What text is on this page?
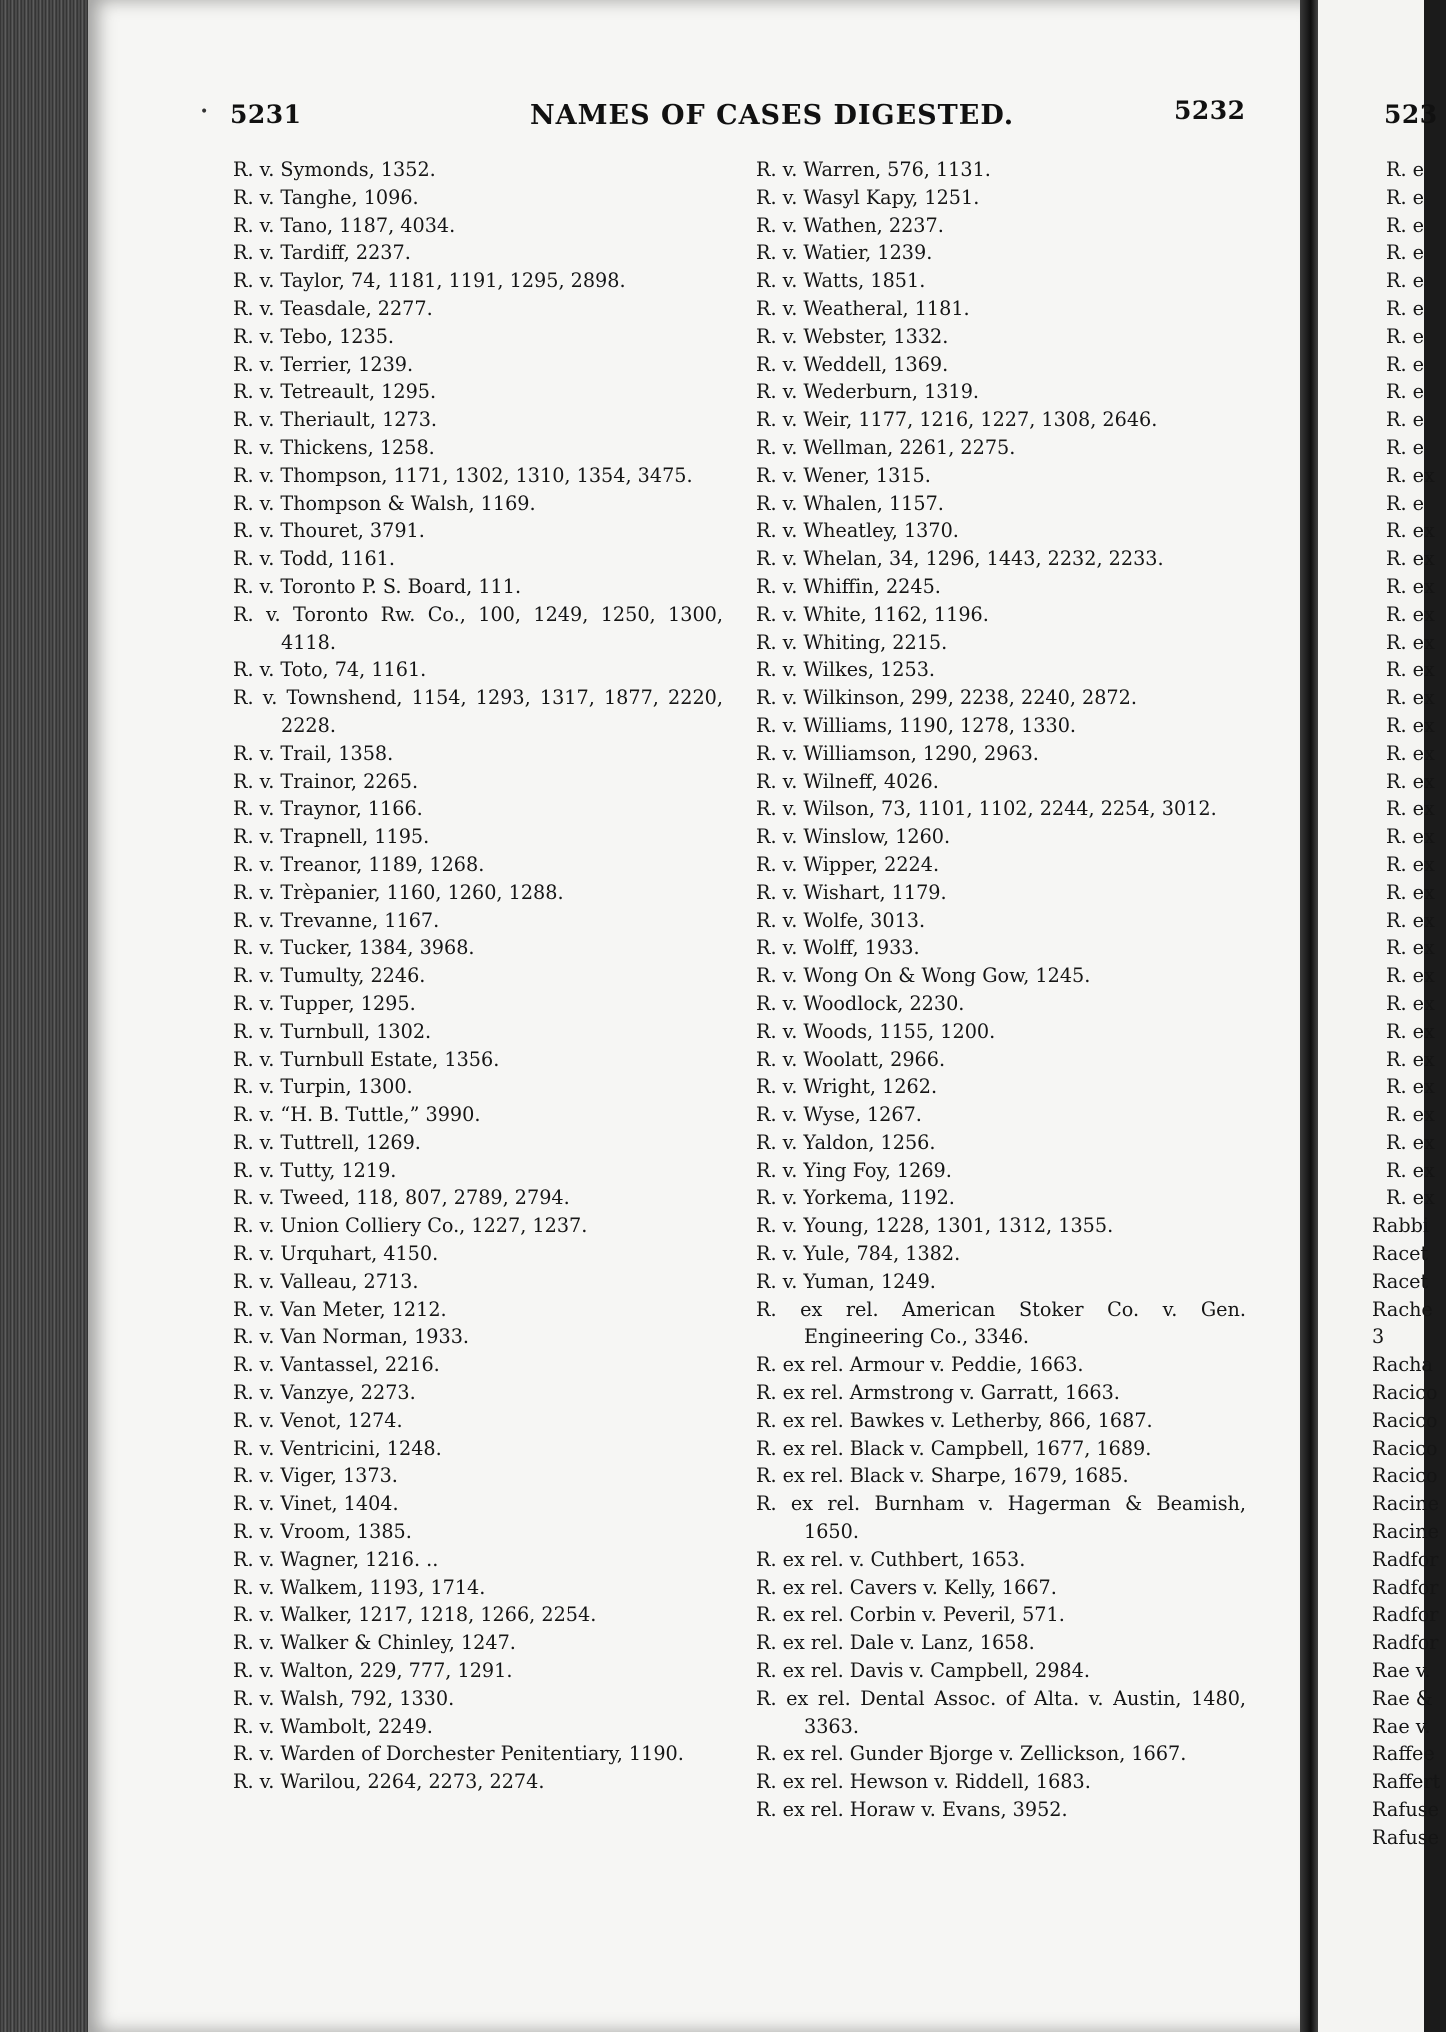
• 5231	NAMES OF CASES DIGESTED.	5232	523
R. v. Symonds, 1352.
R. v. Tanghe, 1096.
R. v. Tano, 1187, 4034.
R. v. Tardiff, 2237.
R. v. Taylor, 74, 1181, 1191, 1295, 2898.
R. v. Teasdale, 2277.
R. v. Tebo, 1235.
R. v. Terrier, 1239.
R. v. Tetreault, 1295.
R. v. Theriault, 1273.
R. v. Thickens, 1258.
R. v. Thompson, 1171, 1302, 1310, 1354, 3475.
R. v. Thompson & Walsh, 1169.
R. v. Thouret, 3791.
R. v. Todd, 1161.
R. v. Toronto P. S. Board, 111.
R. v. Toronto Rw. Co., 100, 1249, 1250, 1300, 4118.
R. v. Toto, 74, 1161.
R. v. Townshend, 1154, 1293, 1317, 1877, 2220, 2228.
R. v. Trail, 1358.
R. v. Trainor, 2265.
R. v. Traynor, 1166.
R. v. Trapnell, 1195.
R. v. Treanor, 1189, 1268.
R. v. Trèpanier, 1160, 1260, 1288.
R. v. Trevanne, 1167.
R. v. Tucker, 1384, 3968.
R. v. Tumulty, 2246.
R. v. Tupper, 1295.
R. v. Turnbull, 1302.
R. v. Turnbull Estate, 1356.
R. v. Turpin, 1300.
R. v. “H. B. Tuttle,” 3990.
R. v. Tuttrell, 1269.
R. v. Tutty, 1219.
R. v. Tweed, 118, 807, 2789, 2794.
R. v. Union Colliery Co., 1227, 1237.
R. v. Urquhart, 4150.
R. v. Valleau, 2713.
R. v. Van Meter, 1212.
R. v. Van Norman, 1933.
R. v. Vantassel, 2216.
R. v. Vanzye, 2273.
R. v. Venot, 1274.
R. v. Ventricini, 1248.
R. v. Viger, 1373.
R. v. Vinet, 1404.
R. v. Vroom, 1385.
R. v. Wagner, 1216. ..
R. v. Walkem, 1193, 1714.
R. v. Walker, 1217, 1218, 1266, 2254.
R. v. Walker & Chinley, 1247.
R. v. Walton, 229, 777, 1291.
R. v. Walsh, 792, 1330.
R. v. Wambolt, 2249.
R. v. Warden of Dorchester Penitentiary, 1190.
R. v. Warilou, 2264, 2273, 2274.
R. v. Warren, 576, 1131.
R. v. Wasyl Kapy, 1251.
R. v. Wathen, 2237.
R. v. Watier, 1239.
R. v. Watts, 1851.
R. v. Weatheral, 1181.
R. v. Webster, 1332.
R. v. Weddell, 1369.
R. v. Wederburn, 1319.
R. v. Weir, 1177, 1216, 1227, 1308, 2646.
R. v. Wellman, 2261, 2275.
R. v. Wener, 1315.
R. v. Whalen, 1157.
R. v. Wheatley, 1370.
R. v. Whelan, 34, 1296, 1443, 2232, 2233.
R. v. Whiffin, 2245.
R. v. White, 1162, 1196.
R. v. Whiting, 2215.
R. v. Wilkes, 1253.
R. v. Wilkinson, 299, 2238, 2240, 2872.
R. v. Williams, 1190, 1278, 1330.
R. v. Williamson, 1290, 2963.
R. v. Wilneff, 4026.
R. v. Wilson, 73, 1101, 1102, 2244, 2254, 3012.
R. v. Winslow, 1260.
R. v. Wipper, 2224.
R. v. Wishart, 1179.
R. v. Wolfe, 3013.
R. v. Wolff, 1933.
R. v. Wong On & Wong Gow, 1245.
R. v. Woodlock, 2230.
R. v. Woods, 1155, 1200.
R. v. Woolatt, 2966.
R. v. Wright, 1262.
R. v. Wyse, 1267.
R. v. Yaldon, 1256.
R. v. Ying Foy, 1269.
R. v. Yorkema, 1192.
R. v. Young, 1228, 1301, 1312, 1355.
R. v. Yule, 784, 1382.
R. v. Yuman, 1249.
R. ex rel. American Stoker Co. v. Gen. Engineering Co., 3346.
R. ex rel. Armour v. Peddie, 1663.
R. ex rel. Armstrong v. Garratt, 1663.
R. ex rel. Bawkes v. Letherby, 866, 1687.
R. ex rel. Black v. Campbell, 1677, 1689.
R. ex rel. Black v. Sharpe, 1679, 1685.
R. ex rel. Burnham v. Hagerman & Beamish, 1650.
R. ex rel. v. Cuthbert, 1653.
R. ex rel. Cavers v. Kelly, 1667.
R. ex rel. Corbin v. Peveril, 571.
R. ex rel. Dale v. Lanz, 1658.
R. ex rel. Davis v. Campbell, 2984.
R. ex rel. Dental Assoc. of Alta. v. Austin, 1480, 3363.
R. ex rel. Gunder Bjorge v. Zellickson, 1667.
R. ex rel. Hewson v. Riddell, 1683.
R. ex rel. Horaw v. Evans, 3952.
R. e
R. e
R. e
R. e
R. e
R. e
R. e
R. e
R. e
R. e
R. e
R. ex
R. e
R. ex
R. ex
R. ex
R. ex
R. ex
R. ex
R. ex
R. ex
R. ex
R. ex
R. ex
R. ex
R. ex
R. ex
R. ex
R. ex
R. ex
R. ex
R. ex
R. ex
R. ex
R. ex
R. ex
R. ex
R. ex
Rabbi
Racet
Racet
Rache
3
Racha
Racico
Racico
Racico
Racico
Racine
Racine
Radfor
Radfor
Radfor
Radfor
Rae v.
Rae &
Rae v.
Raffee
Raffert
Rafuse
Rafuse
